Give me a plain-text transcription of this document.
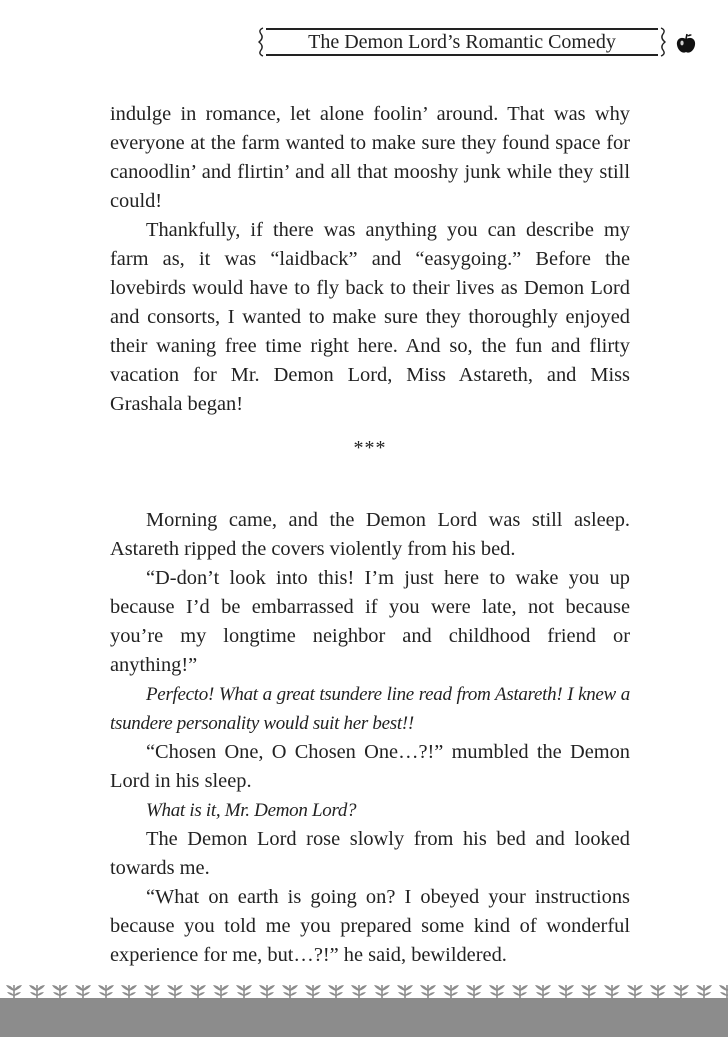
The Demon Lord’s Romantic Comedy

indulge in romance, let alone foolin’ around. That was why everyone at the farm wanted to make sure they found space for canoodlin’ and flirtin’ and all that mooshy junk while they still could!

Thankfully, if there was anything you can describe my farm as, it was “laidback” and “easygoing.” Before the lovebirds would have to fly back to their lives as Demon Lord and consorts, I wanted to make sure they thoroughly enjoyed their waning free time right here. And so, the fun and flirty vacation for Mr. Demon Lord, Miss Astareth, and Miss Grashala began!

***

Morning came, and the Demon Lord was still asleep. Astareth ripped the covers violently from his bed.

“D-don’t look into this! I’m just here to wake you up because I’d be embarrassed if you were late, not because you’re my longtime neighbor and childhood friend or anything!”

Perfecto! What a great tsundere line read from Astareth! I knew a tsundere personality would suit her best!!

“Chosen One, O Chosen One…?!” mumbled the Demon Lord in his sleep.

What is it, Mr. Demon Lord?

The Demon Lord rose slowly from his bed and looked towards me.

“What on earth is going on? I obeyed your instructions because you told me you prepared some kind of wonderful experience for me, but…?!” he said, bewildered.
